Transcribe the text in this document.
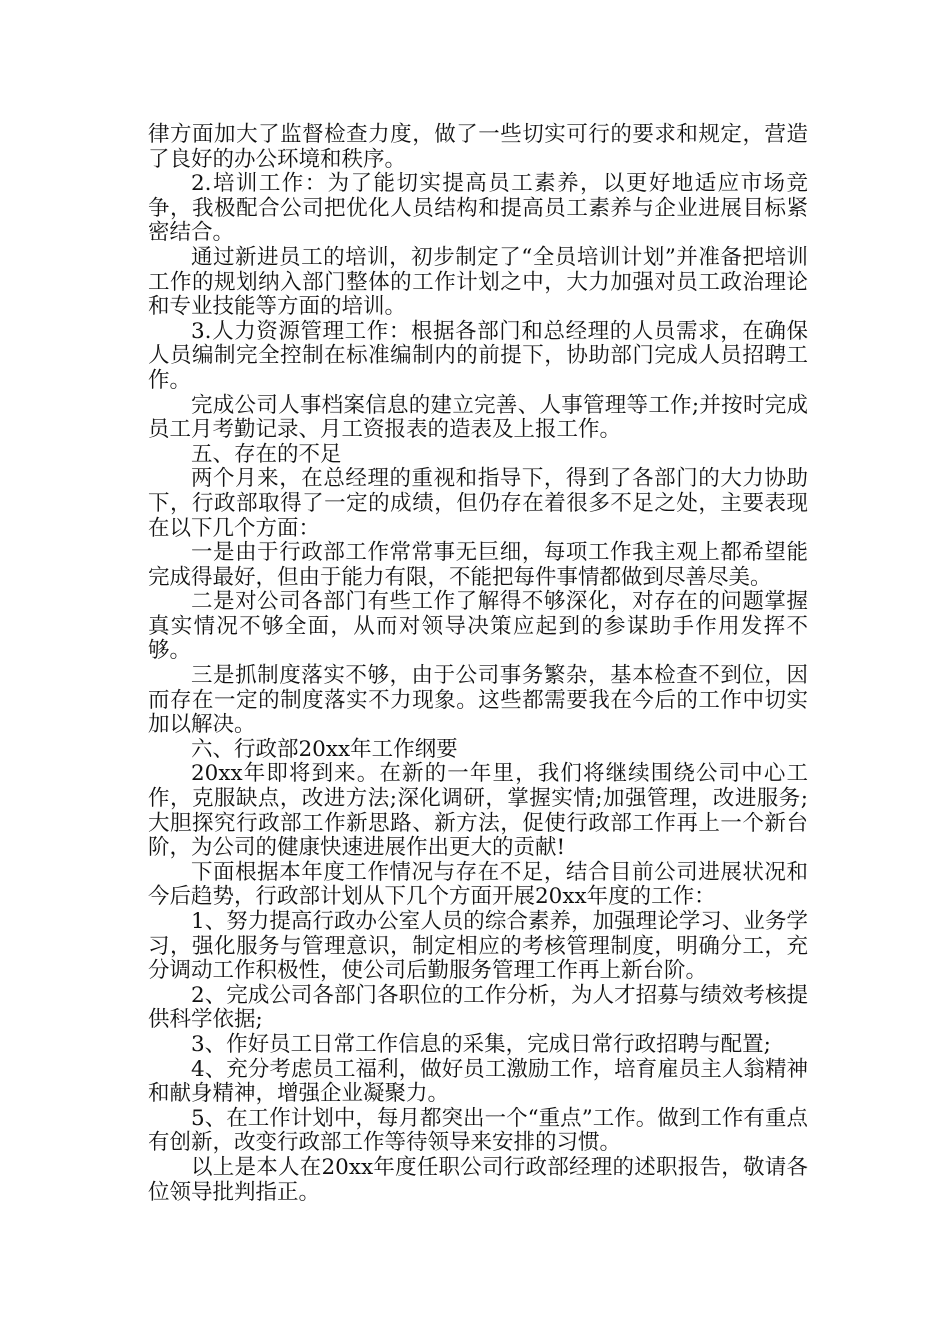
律方面加大了监督检查力度，做了一些切实可行的要求和规定，营造了良好的办公环境和秩序。

2.培训工作：为了能切实提高员工素养，以更好地适应市场竞争，我极配合公司把优化人员结构和提高员工素养与企业进展目标紧密结合。

通过新进员工的培训，初步制定了“全员培训计划”并准备把培训工作的规划纳入部门整体的工作计划之中，大力加强对员工政治理论和专业技能等方面的培训。

3.人力资源管理工作：根据各部门和总经理的人员需求，在确保人员编制完全控制在标准编制内的前提下，协助部门完成人员招聘工作。

完成公司人事档案信息的建立完善、人事管理等工作;并按时完成员工月考勤记录、月工资报表的造表及上报工作。

五、存在的不足

两个月来，在总经理的重视和指导下，得到了各部门的大力协助下，行政部取得了一定的成绩，但仍存在着很多不足之处，主要表现在以下几个方面：

一是由于行政部工作常常事无巨细，每项工作我主观上都希望能完成得最好，但由于能力有限，不能把每件事情都做到尽善尽美。

二是对公司各部门有些工作了解得不够深化，对存在的问题掌握真实情况不够全面，从而对领导决策应起到的参谋助手作用发挥不够。

三是抓制度落实不够，由于公司事务繁杂，基本检查不到位，因而存在一定的制度落实不力现象。这些都需要我在今后的工作中切实加以解决。

六、行政部20xx年工作纲要

20xx年即将到来。在新的一年里，我们将继续围绕公司中心工作，克服缺点，改进方法;深化调研，掌握实情;加强管理，改进服务;大胆探究行政部工作新思路、新方法，促使行政部工作再上一个新台阶，为公司的健康快速进展作出更大的贡献!

下面根据本年度工作情况与存在不足，结合目前公司进展状况和今后趋势，行政部计划从下几个方面开展20xx年度的工作：

1、努力提高行政办公室人员的综合素养，加强理论学习、业务学习，强化服务与管理意识，制定相应的考核管理制度，明确分工，充分调动工作积极性，使公司后勤服务管理工作再上新台阶。

2、完成公司各部门各职位的工作分析，为人才招募与绩效考核提供科学依据;

3、作好员工日常工作信息的采集，完成日常行政招聘与配置;

4、充分考虑员工福利，做好员工激励工作，培育雇员主人翁精神和献身精神，增强企业凝聚力。

5、在工作计划中，每月都突出一个“重点”工作。做到工作有重点有创新，改变行政部工作等待领导来安排的习惯。

以上是本人在20xx年度任职公司行政部经理的述职报告，敬请各位领导批判指正。
